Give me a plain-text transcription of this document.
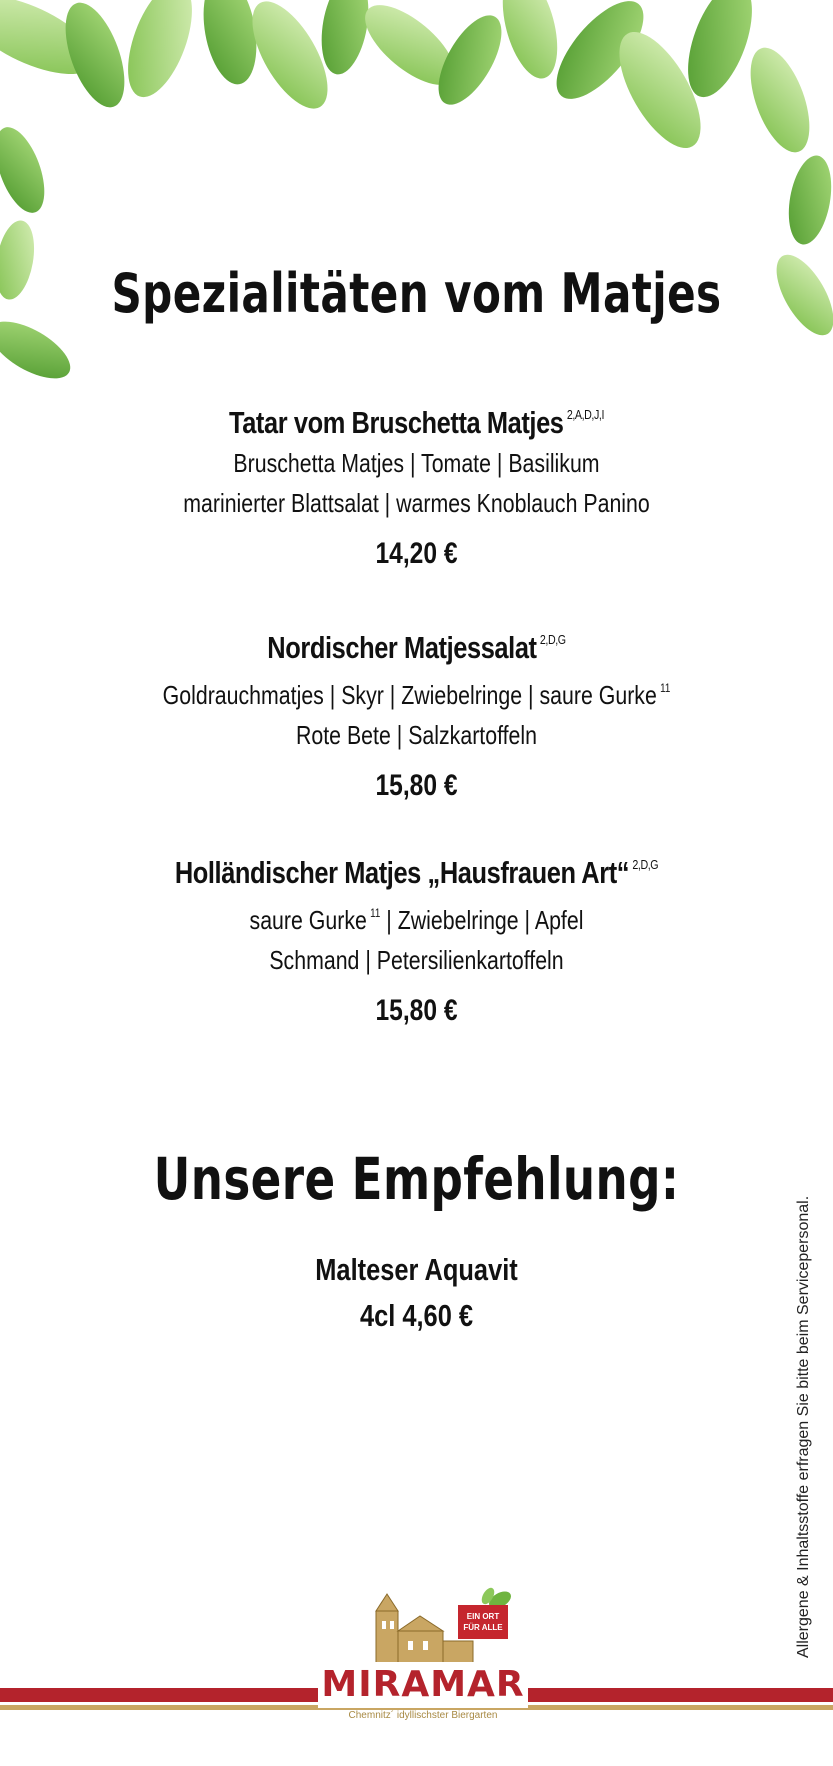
Spezialitäten vom Matjes
Tatar vom Bruschetta Matjes $^{2,A,D,J,I}$
Bruschetta Matjes | Tomate | Basilikum
marinierter Blattsalat | warmes Knoblauch Panino
14,20 €
Nordischer Matjessalat $^{2,D,G}$
Goldrauchmatjes | Skyr | Zwiebelringe | saure Gurke $^{11}$
Rote Bete | Salzkartoffeln
15,80 €
Holländischer Matjes „Hausfrauen Art“ $^{2,D,G}$
saure Gurke $^{11}$ | Zwiebelringe | Apfel
Schmand | Petersilienkartoffeln
15,80 €
Unsere Empfehlung:
Malteser Aquavit
4cl 4,60 €	Allergene & Inhaltsstoffe erfragen Sie bitte beim Servicepersonal.
EIN ORT
FÜR ALLE
MIRAMAR
Chemnitz´ idyllischster Biergarten
